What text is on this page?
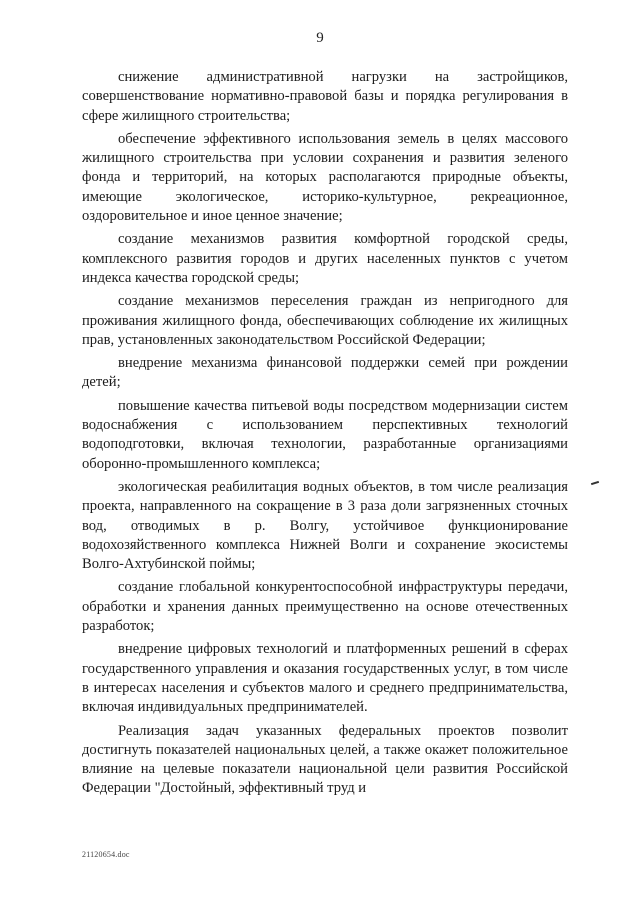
9

снижение административной нагрузки на застройщиков, совершенствование нормативно-правовой базы и порядка регулирования в сфере жилищного строительства;

обеспечение эффективного использования земель в целях массового жилищного строительства при условии сохранения и развития зеленого фонда и территорий, на которых располагаются природные объекты, имеющие экологическое, историко-культурное, рекреационное, оздоровительное и иное ценное значение;

создание механизмов развития комфортной городской среды, комплексного развития городов и других населенных пунктов с учетом индекса качества городской среды;

создание механизмов переселения граждан из непригодного для проживания жилищного фонда, обеспечивающих соблюдение их жилищных прав, установленных законодательством Российской Федерации;

внедрение механизма финансовой поддержки семей при рождении детей;

повышение качества питьевой воды посредством модернизации систем водоснабжения с использованием перспективных технологий водоподготовки, включая технологии, разработанные организациями оборонно-промышленного комплекса;

экологическая реабилитация водных объектов, в том числе реализация проекта, направленного на сокращение в 3 раза доли загрязненных сточных вод, отводимых в р. Волгу, устойчивое функционирование водохозяйственного комплекса Нижней Волги и сохранение экосистемы Волго-Ахтубинской поймы;

создание глобальной конкурентоспособной инфраструктуры передачи, обработки и хранения данных преимущественно на основе отечественных разработок;

внедрение цифровых технологий и платформенных решений в сферах государственного управления и оказания государственных услуг, в том числе в интересах населения и субъектов малого и среднего предпринимательства, включая индивидуальных предпринимателей.

Реализация задач указанных федеральных проектов позволит достигнуть показателей национальных целей, а также окажет положительное влияние на целевые показатели национальной цели развития Российской Федерации "Достойный, эффективный труд и

21120654.doc
